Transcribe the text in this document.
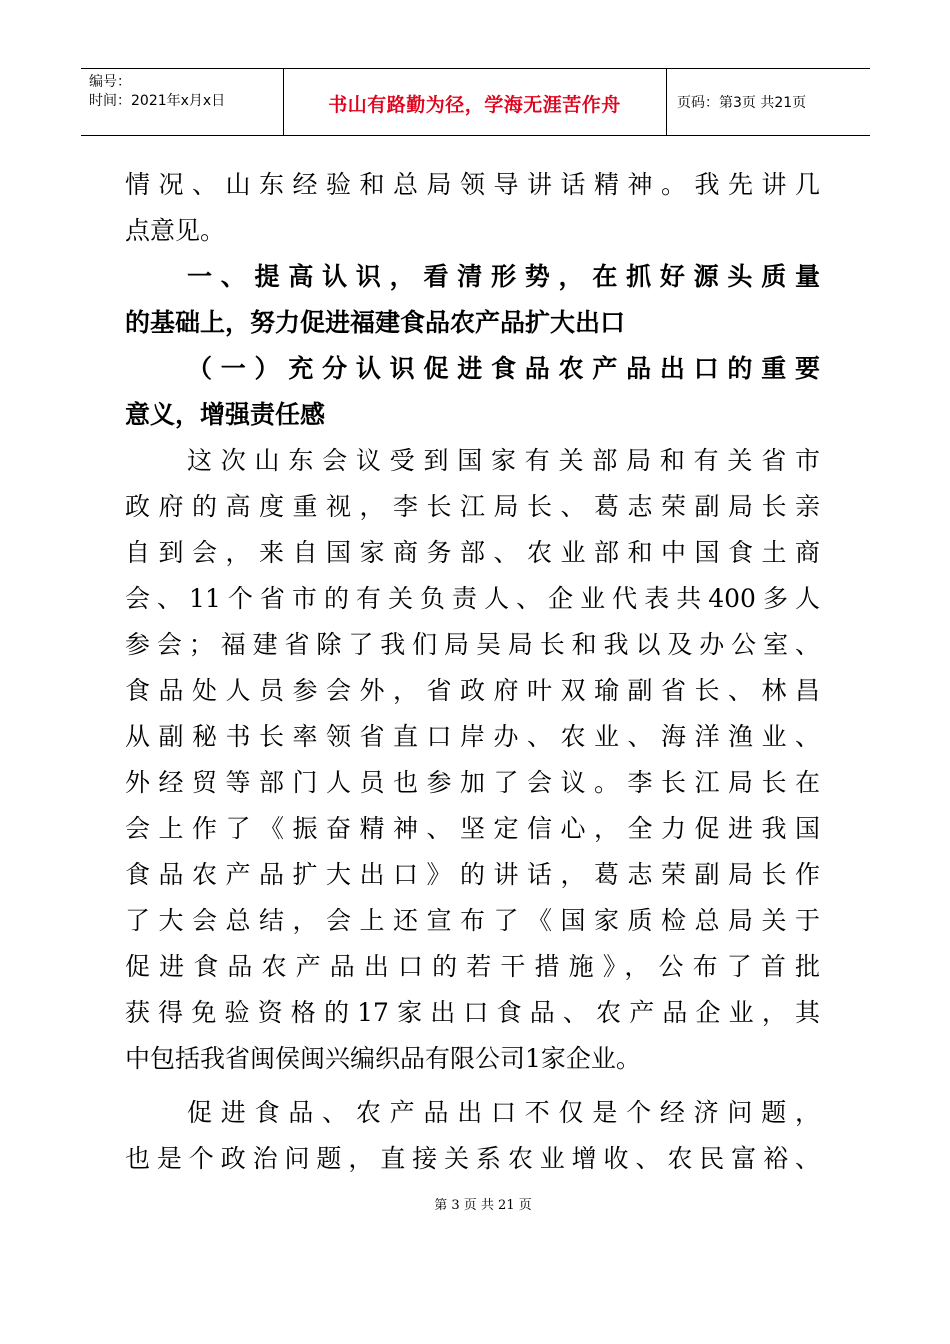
编号：
时间：2021年x月x日	书山有路勤为径，学海无涯苦作舟	页码：第3页 共21页
情况、山东经验和总局领导讲话精神。我先讲几
点意见。
一、提高认识，看清形势，在抓好源头质量
的基础上，努力促进福建食品农产品扩大出口
（一）充分认识促进食品农产品出口的重要
意义，增强责任感
这次山东会议受到国家有关部局和有关省市
政府的高度重视，李长江局长、葛志荣副局长亲
自到会，来自国家商务部、农业部和中国食土商
会、11个省市的有关负责人、企业代表共400多人
参会；福建省除了我们局吴局长和我以及办公室、
食品处人员参会外，省政府叶双瑜副省长、林昌
从副秘书长率领省直口岸办、农业、海洋渔业、
外经贸等部门人员也参加了会议。李长江局长在
会上作了《振奋精神、坚定信心，全力促进我国
食品农产品扩大出口》的讲话，葛志荣副局长作
了大会总结，会上还宣布了《国家质检总局关于
促进食品农产品出口的若干措施》，公布了首批
获得免验资格的17家出口食品、农产品企业，其
中包括我省闽侯闽兴编织品有限公司1家企业。
促进食品、农产品出口不仅是个经济问题，
也是个政治问题，直接关系农业增收、农民富裕、
第 3 页 共 21 页
